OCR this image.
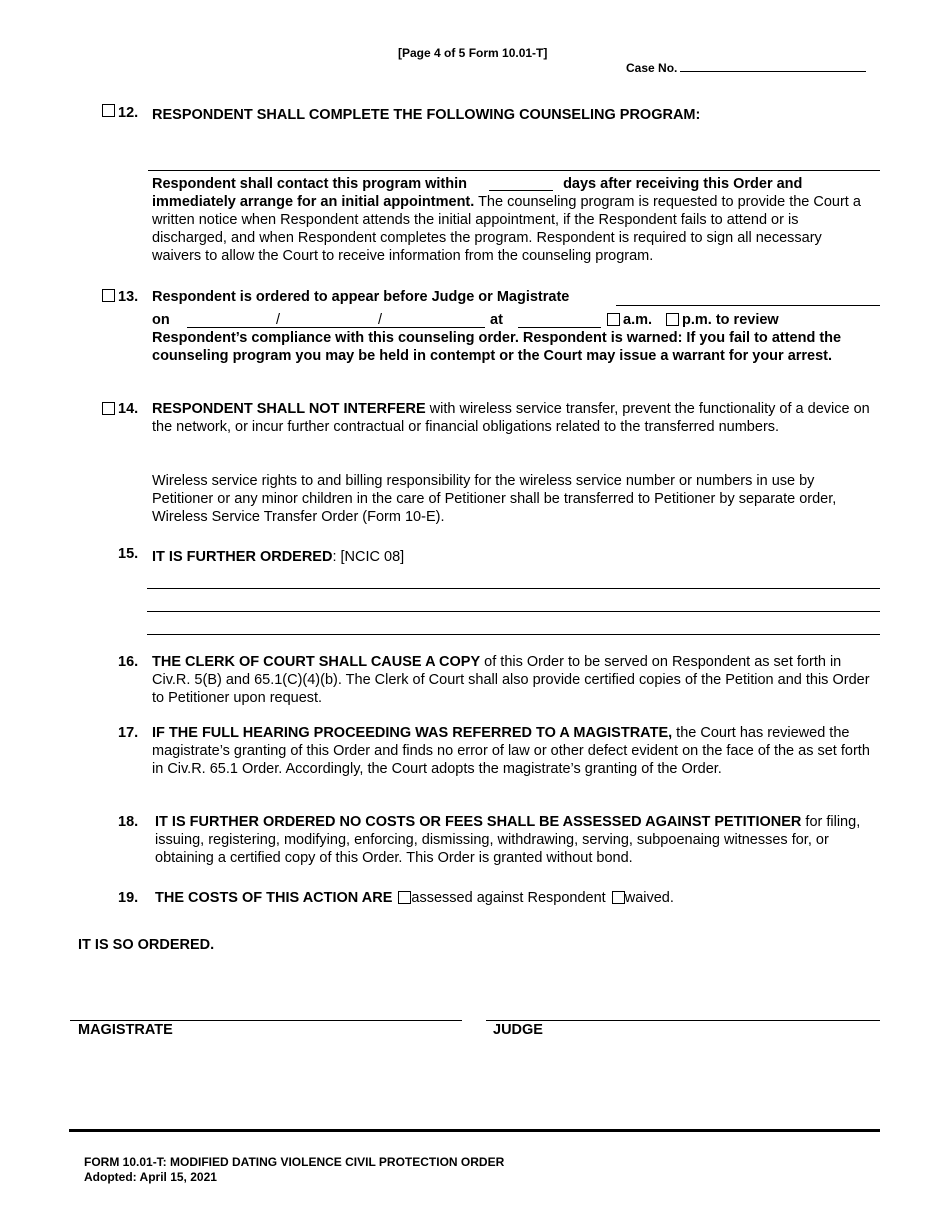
[Page 4 of 5 Form 10.01-T]
Case No.
12. RESPONDENT SHALL COMPLETE THE FOLLOWING COUNSELING PROGRAM:
Respondent shall contact this program within	days after receiving this Order and immediately arrange for an initial appointment. The counseling program is requested to provide the Court a written notice when Respondent attends the initial appointment, if the Respondent fails to attend or is discharged, and when Respondent completes the program. Respondent is required to sign all necessary waivers to allow the Court to receive information from the counseling program.
13. Respondent is ordered to appear before Judge or Magistrate
on	/	/	at	a.m. p.m. to review
Respondent’s compliance with this counseling order. Respondent is warned: If you fail to attend the counseling program you may be held in contempt or the Court may issue a warrant for your arrest.
14. RESPONDENT SHALL NOT INTERFERE with wireless service transfer, prevent the functionality of a device on the network, or incur further contractual or financial obligations related to the transferred numbers.
Wireless service rights to and billing responsibility for the wireless service number or numbers in use by Petitioner or any minor children in the care of Petitioner shall be transferred to Petitioner by separate order, Wireless Service Transfer Order (Form 10-E).
15. IT IS FURTHER ORDERED: [NCIC 08]
16. THE CLERK OF COURT SHALL CAUSE A COPY of this Order to be served on Respondent as set forth in Civ.R. 5(B) and 65.1(C)(4)(b). The Clerk of Court shall also provide certified copies of the Petition and this Order to Petitioner upon request.
17. IF THE FULL HEARING PROCEEDING WAS REFERRED TO A MAGISTRATE, the Court has reviewed the magistrate’s granting of this Order and finds no error of law or other defect evident on the face of the as set forth in Civ.R. 65.1 Order. Accordingly, the Court adopts the magistrate’s granting of the Order.
18. IT IS FURTHER ORDERED NO COSTS OR FEES SHALL BE ASSESSED AGAINST PETITIONER for filing, issuing, registering, modifying, enforcing, dismissing, withdrawing, serving, subpoenaing witnesses for, or obtaining a certified copy of this Order. This Order is granted without bond.
19. THE COSTS OF THIS ACTION ARE assessed against Respondent waived.
IT IS SO ORDERED.
MAGISTRATE	JUDGE
FORM 10.01-T: MODIFIED DATING VIOLENCE CIVIL PROTECTION ORDER
Adopted: April 15, 2021
